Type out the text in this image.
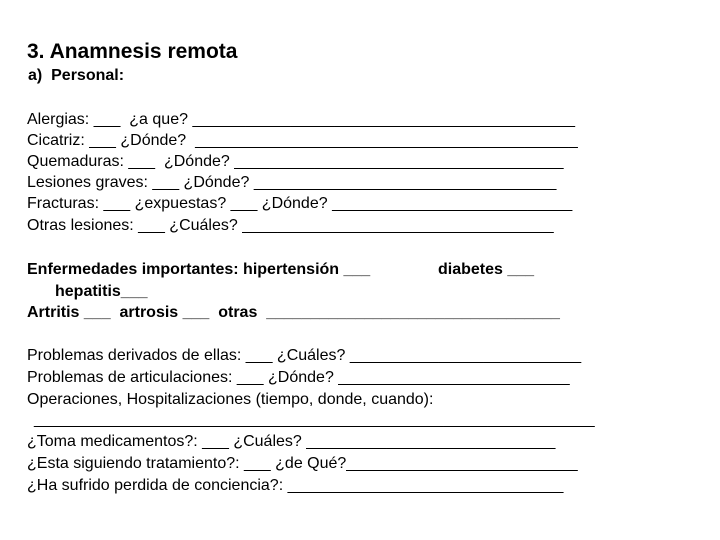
3. Anamnesis remota
a)  Personal:
Alergias: ___  ¿a que? ___________________________________________
Cicatriz: ___ ¿Dónde?  ___________________________________________
Quemaduras: ___  ¿Dónde? _____________________________________
Lesiones graves: ___ ¿Dónde? __________________________________
Fracturas: ___ ¿expuestas? ___ ¿Dónde? ___________________________
Otras lesiones: ___ ¿Cuáles? ___________________________________
Enfermedades importantes: hipertensión ___	diabetes ___
hepatitis___
Artritis ___  artrosis ___  otras  _________________________________
Problemas derivados de ellas: ___ ¿Cuáles? __________________________
Problemas de articulaciones: ___ ¿Dónde? __________________________
Operaciones, Hospitalizaciones (tiempo, donde, cuando):
_______________________________________________________________
¿Toma medicamentos?: ___ ¿Cuáles? ____________________________
¿Esta siguiendo tratamiento?: ___ ¿de Qué?__________________________
¿Ha sufrido perdida de conciencia?: _______________________________
